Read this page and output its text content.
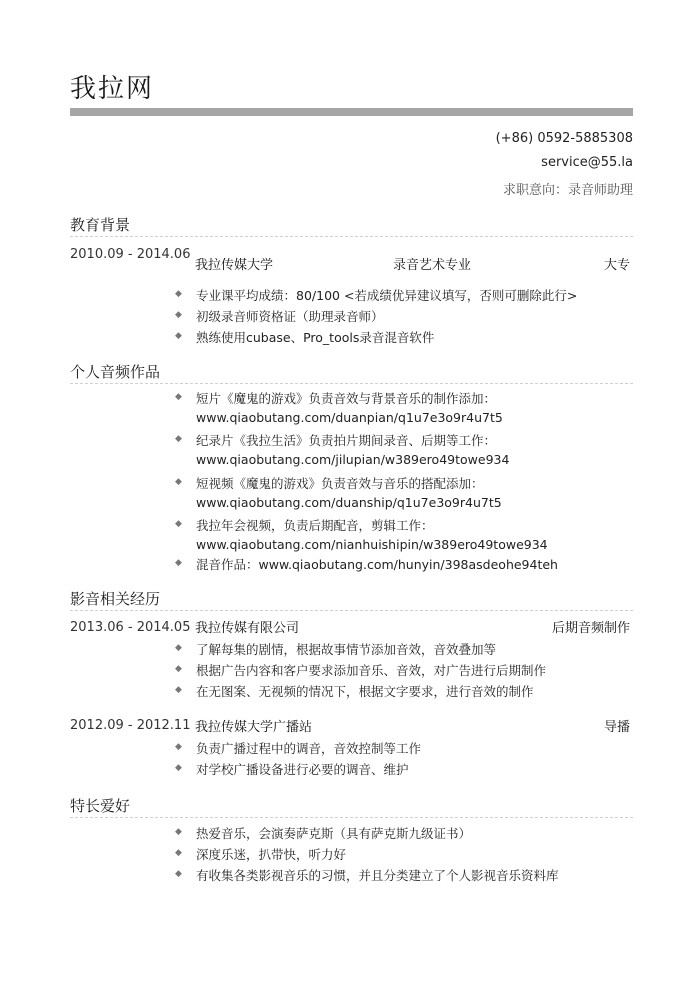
我拉网
(+86) 0592-5885308
service@55.la
求职意向：录音师助理
教育背景
2010.09 - 2014.06
我拉传媒大学	录音艺术专业	大专
◆ 专业课平均成绩：80/100 <若成绩优异建议填写，否则可删除此行>
◆ 初级录音师资格证（助理录音师）
◆ 熟练使用cubase、Pro_tools录音混音软件
个人音频作品
◆ 短片《魔鬼的游戏》负责音效与背景音乐的制作添加：
www.qiaobutang.com/duanpian/q1u7e3o9r4u7t5
◆ 纪录片《我拉生活》负责拍片期间录音、后期等工作：
www.qiaobutang.com/jilupian/w389ero49towe934
◆ 短视频《魔鬼的游戏》负责音效与音乐的搭配添加：
www.qiaobutang.com/duanship/q1u7e3o9r4u7t5
◆ 我拉年会视频，负责后期配音，剪辑工作：
www.qiaobutang.com/nianhuishipin/w389ero49towe934
◆ 混音作品：www.qiaobutang.com/hunyin/398asdeohe94teh
影音相关经历
2013.06 - 2014.05 我拉传媒有限公司	后期音频制作
◆ 了解每集的剧情，根据故事情节添加音效，音效叠加等
◆ 根据广告内容和客户要求添加音乐、音效，对广告进行后期制作
◆ 在无图案、无视频的情况下，根据文字要求，进行音效的制作
2012.09 - 2012.11 我拉传媒大学广播站	导播
◆ 负责广播过程中的调音，音效控制等工作
◆ 对学校广播设备进行必要的调音、维护
特长爱好
◆ 热爱音乐，会演奏萨克斯（具有萨克斯九级证书）
◆ 深度乐迷，扒带快，听力好
◆ 有收集各类影视音乐的习惯，并且分类建立了个人影视音乐资料库
